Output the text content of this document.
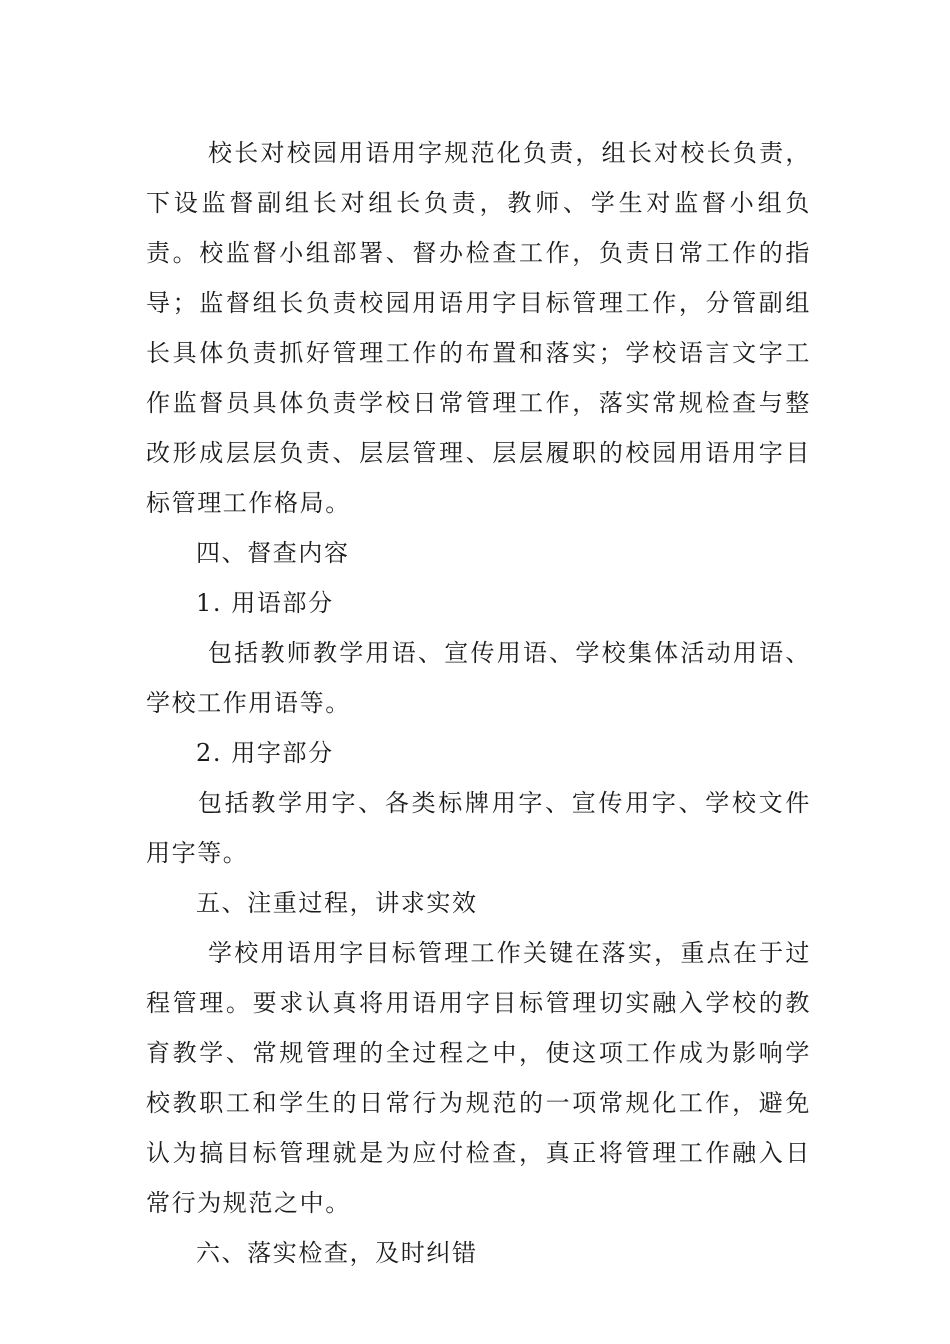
校长对校园用语用字规范化负责，组长对校长负责，下设监督副组长对组长负责，教师、学生对监督小组负责。校监督小组部署、督办检查工作，负责日常工作的指导；监督组长负责校园用语用字目标管理工作，分管副组长具体负责抓好管理工作的布置和落实；学校语言文字工作监督员具体负责学校日常管理工作，落实常规检查与整改形成层层负责、层层管理、层层履职的校园用语用字目标管理工作格局。

四、督查内容

1. 用语部分

包括教师教学用语、宣传用语、学校集体活动用语、学校工作用语等。

2. 用字部分

包括教学用字、各类标牌用字、宣传用字、学校文件用字等。

五、注重过程，讲求实效

学校用语用字目标管理工作关键在落实，重点在于过程管理。要求认真将用语用字目标管理切实融入学校的教育教学、常规管理的全过程之中，使这项工作成为影响学校教职工和学生的日常行为规范的一项常规化工作，避免认为搞目标管理就是为应付检查，真正将管理工作融入日常行为规范之中。

六、落实检查，及时纠错
